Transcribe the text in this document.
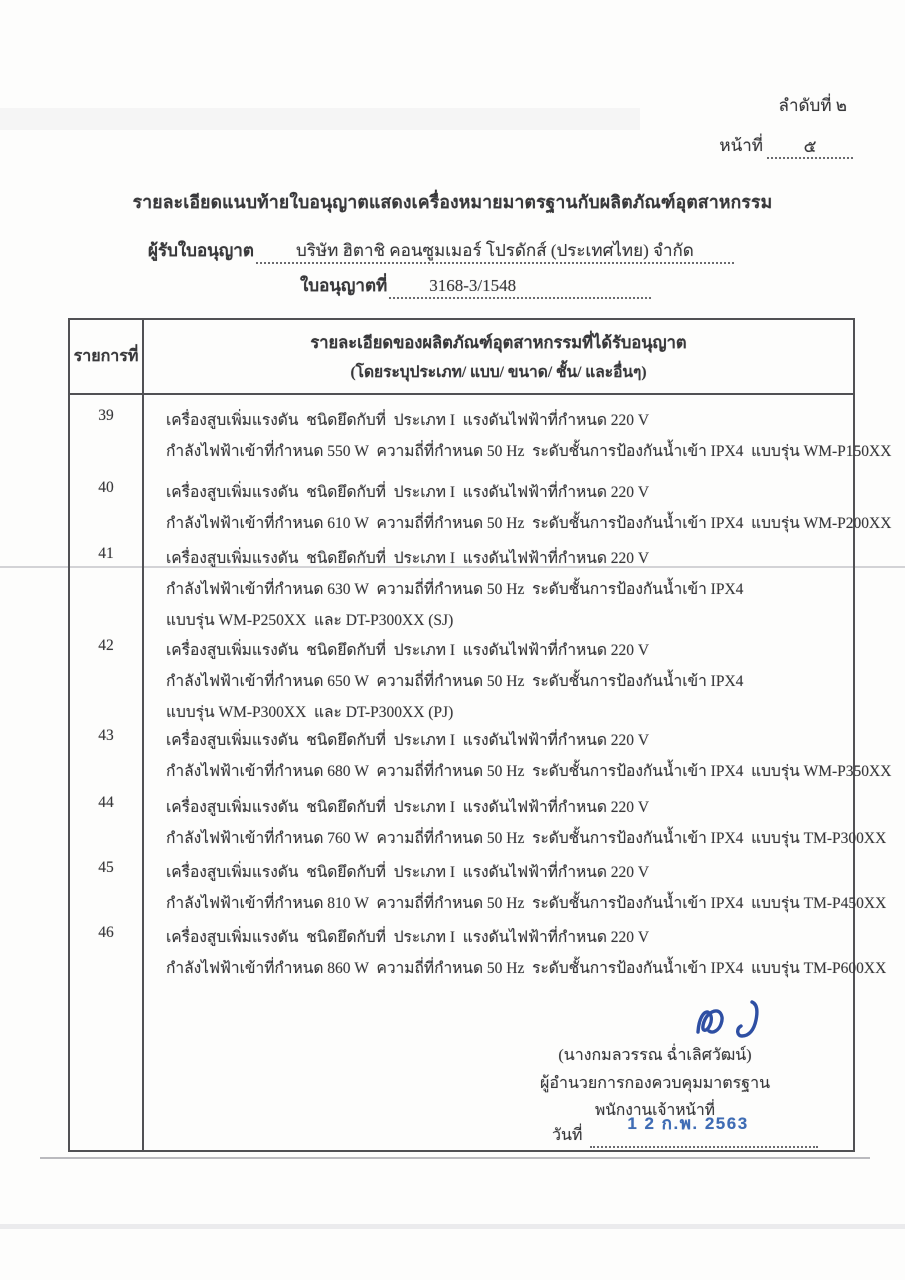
ลำดับที่ ๒
หน้าที่	๕
รายละเอียดแนบท้ายใบอนุญาตแสดงเครื่องหมายมาตรฐานกับผลิตภัณฑ์อุตสาหกรรม
ผู้รับใบอนุญาต	บริษัท ฮิตาชิ คอนซูมเมอร์ โปรดักส์ (ประเทศไทย) จำกัด
ใบอนุญาตที่	3168-3/1548
รายการที่
รายละเอียดของผลิตภัณฑ์อุตสาหกรรมที่ได้รับอนุญาต
(โดยระบุประเภท/ แบบ/ ขนาด/ ชั้น/ และอื่นๆ)
39	เครื่องสูบเพิ่มแรงดัน  ชนิดยึดกับที่  ประเภท I  แรงดันไฟฟ้าที่กำหนด 220 V
กำลังไฟฟ้าเข้าที่กำหนด 550 W  ความถี่ที่กำหนด 50 Hz  ระดับชั้นการป้องกันน้ำเข้า IPX4  แบบรุ่น WM-P150XX
40	เครื่องสูบเพิ่มแรงดัน  ชนิดยึดกับที่  ประเภท I  แรงดันไฟฟ้าที่กำหนด 220 V
กำลังไฟฟ้าเข้าที่กำหนด 610 W  ความถี่ที่กำหนด 50 Hz  ระดับชั้นการป้องกันน้ำเข้า IPX4  แบบรุ่น WM-P200XX
41	เครื่องสูบเพิ่มแรงดัน  ชนิดยึดกับที่  ประเภท I  แรงดันไฟฟ้าที่กำหนด 220 V
กำลังไฟฟ้าเข้าที่กำหนด 630 W  ความถี่ที่กำหนด 50 Hz  ระดับชั้นการป้องกันน้ำเข้า IPX4
แบบรุ่น WM-P250XX  และ DT-P300XX (SJ)
42	เครื่องสูบเพิ่มแรงดัน  ชนิดยึดกับที่  ประเภท I  แรงดันไฟฟ้าที่กำหนด 220 V
กำลังไฟฟ้าเข้าที่กำหนด 650 W  ความถี่ที่กำหนด 50 Hz  ระดับชั้นการป้องกันน้ำเข้า IPX4
แบบรุ่น WM-P300XX  และ DT-P300XX (PJ)
43	เครื่องสูบเพิ่มแรงดัน  ชนิดยึดกับที่  ประเภท I  แรงดันไฟฟ้าที่กำหนด 220 V
กำลังไฟฟ้าเข้าที่กำหนด 680 W  ความถี่ที่กำหนด 50 Hz  ระดับชั้นการป้องกันน้ำเข้า IPX4  แบบรุ่น WM-P350XX
44	เครื่องสูบเพิ่มแรงดัน  ชนิดยึดกับที่  ประเภท I  แรงดันไฟฟ้าที่กำหนด 220 V
กำลังไฟฟ้าเข้าที่กำหนด 760 W  ความถี่ที่กำหนด 50 Hz  ระดับชั้นการป้องกันน้ำเข้า IPX4  แบบรุ่น TM-P300XX
45	เครื่องสูบเพิ่มแรงดัน  ชนิดยึดกับที่  ประเภท I  แรงดันไฟฟ้าที่กำหนด 220 V
กำลังไฟฟ้าเข้าที่กำหนด 810 W  ความถี่ที่กำหนด 50 Hz  ระดับชั้นการป้องกันน้ำเข้า IPX4  แบบรุ่น TM-P450XX
46	เครื่องสูบเพิ่มแรงดัน  ชนิดยึดกับที่  ประเภท I  แรงดันไฟฟ้าที่กำหนด 220 V
กำลังไฟฟ้าเข้าที่กำหนด 860 W  ความถี่ที่กำหนด 50 Hz  ระดับชั้นการป้องกันน้ำเข้า IPX4  แบบรุ่น TM-P600XX
(นางกมลวรรณ ฉ่ำเลิศวัฒน์)
ผู้อำนวยการกองควบคุมมาตรฐาน
พนักงานเจ้าหน้าที่
1 2 ก.พ. 2563
วันที่
